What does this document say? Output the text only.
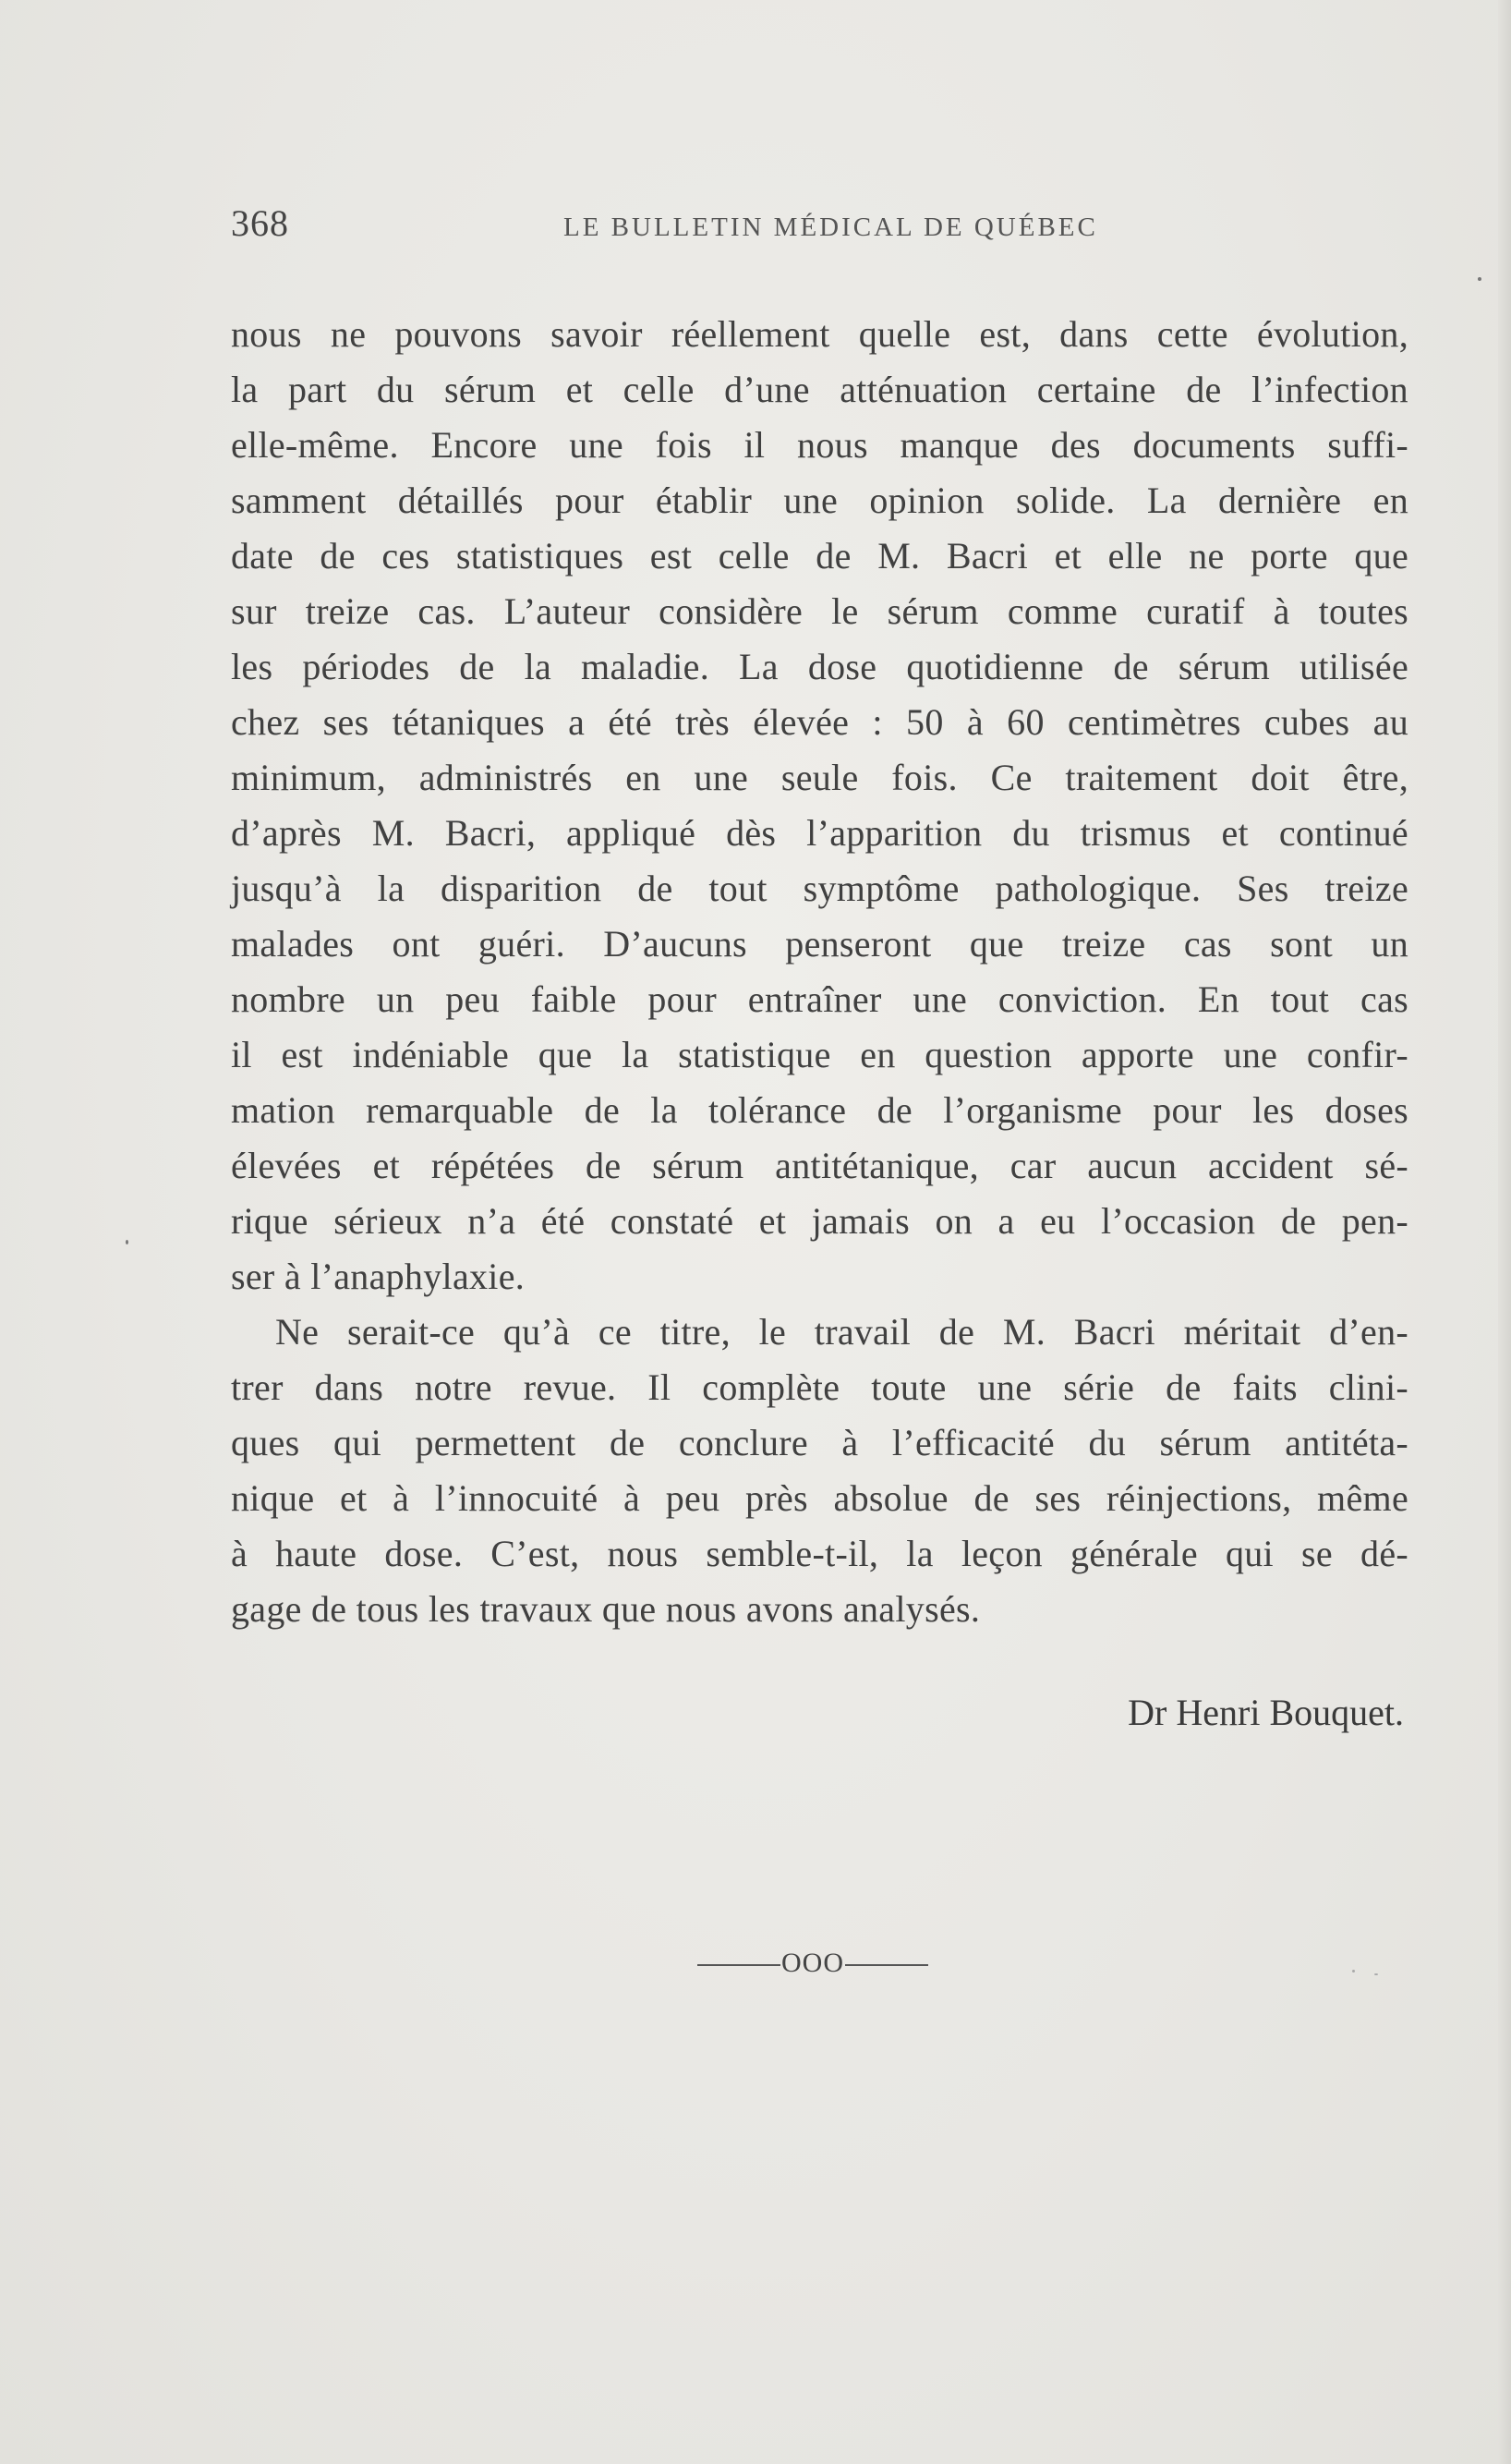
368	LE BULLETIN MÉDICAL DE QUÉBEC
nous ne pouvons savoir réellement quelle est, dans cette évolution,
la part du sérum et celle d’une atténuation certaine de l’infection
elle-même. Encore une fois il nous manque des documents suffi-
samment détaillés pour établir une opinion solide. La dernière en
date de ces statistiques est celle de M. Bacri et elle ne porte que
sur treize cas. L’auteur considère le sérum comme curatif à toutes
les périodes de la maladie. La dose quotidienne de sérum utilisée
chez ses tétaniques a été très élevée : 50 à 60 centimètres cubes au
minimum, administrés en une seule fois. Ce traitement doit être,
d’après M. Bacri, appliqué dès l’apparition du trismus et continué
jusqu’à la disparition de tout symptôme pathologique. Ses treize
malades ont guéri. D’aucuns penseront que treize cas sont un
nombre un peu faible pour entraîner une conviction. En tout cas
il est indéniable que la statistique en question apporte une confir-
mation remarquable de la tolérance de l’organisme pour les doses
élevées et répétées de sérum antitétanique, car aucun accident sé-
rique sérieux n’a été constaté et jamais on a eu l’occasion de pen-
ser à l’anaphylaxie.
Ne serait-ce qu’à ce titre, le travail de M. Bacri méritait d’en-
trer dans notre revue. Il complète toute une série de faits clini-
ques qui permettent de conclure à l’efficacité du sérum antitéta-
nique et à l’innocuité à peu près absolue de ses réinjections, même
à haute dose. C’est, nous semble-t-il, la leçon générale qui se dé-
gage de tous les travaux que nous avons analysés.
Dr Henri Bouquet.
OOO
